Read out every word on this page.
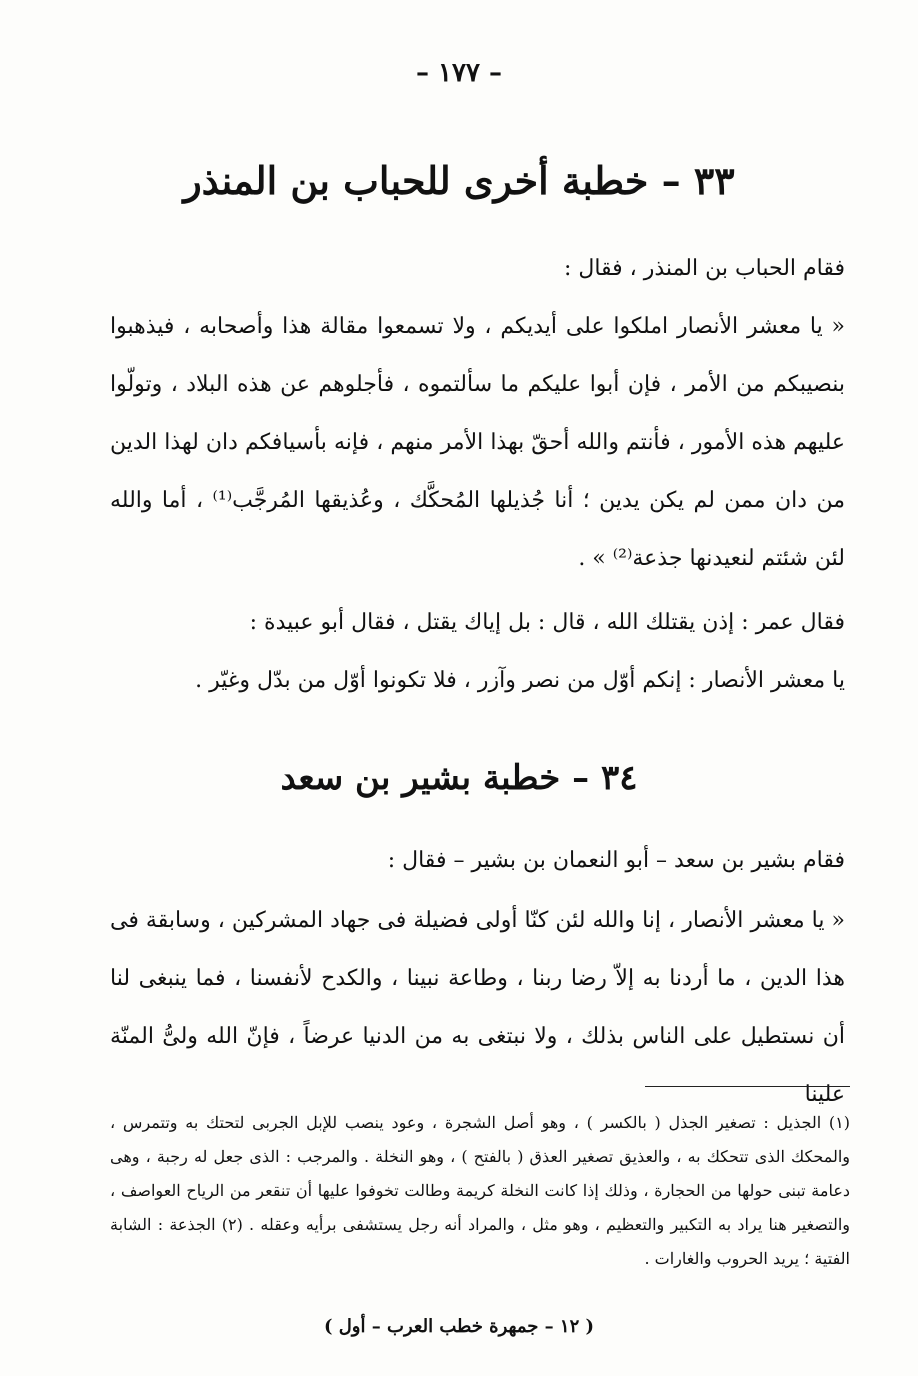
– ١٧٧ –
٣٣ – خطبة أخرى للحباب بن المنذر
فقام الحباب بن المنذر ، فقال :
« يا معشر الأنصار املكوا على أيديكم ، ولا تسمعوا مقالة هذا وأصحابه ، فيذهبوا بنصيبكم من الأمر ، فإن أبوا عليكم ما سألتموه ، فأجلوهم عن هذه البلاد ، وتولّوا عليهم هذه الأمور ، فأنتم والله أحقّ بهذا الأمر منهم ، فإنه بأسيافكم دان لهذا الدين من دان ممن لم يكن يدين ؛ أنا جُذيلها المُحكَّك ، وعُذيقها المُرجَّب⁽¹⁾ ، أما والله لئن شئتم لنعيدنها جذعة⁽²⁾ » .
فقال عمر : إذن يقتلك الله ، قال : بل إياك يقتل ، فقال أبو عبيدة :
يا معشر الأنصار : إنكم أوّل من نصر وآزر ، فلا تكونوا أوّل من بدّل وغيّر .
٣٤ – خطبة بشير بن سعد
فقام بشير بن سعد – أبو النعمان بن بشير – فقال :
« يا معشر الأنصار ، إنا والله لئن كنّا أولى فضيلة فى جهاد المشركين ، وسابقة فى هذا الدين ، ما أردنا به إلاّ رضا ربنا ، وطاعة نبينا ، والكدح لأنفسنا ، فما ينبغى لنا أن نستطيل على الناس بذلك ، ولا نبتغى به من الدنيا عرضاً ، فإنّ الله ولىُّ المنّة علينا
(١) الجذيل : تصغير الجذل ( بالكسر ) ، وهو أصل الشجرة ، وعود ينصب للإبل الجربى لتحتك به وتتمرس ، والمحكك الذى تتحكك به ، والعذيق تصغير العذق ( بالفتح ) ، وهو النخلة . والمرجب : الذى جعل له رجبة ، وهى دعامة تبنى حولها من الحجارة ، وذلك إذا كانت النخلة كريمة وطالت تخوفوا عليها أن تنقعر من الرياح العواصف ، والتصغير هنا يراد به التكبير والتعظيم ، وهو مثل ، والمراد أنه رجل يستشفى برأيه وعقله . (٢) الجذعة : الشابة الفتية ؛ يريد الحروب والغارات .
( ١٢ – جمهرة خطب العرب – أول )
